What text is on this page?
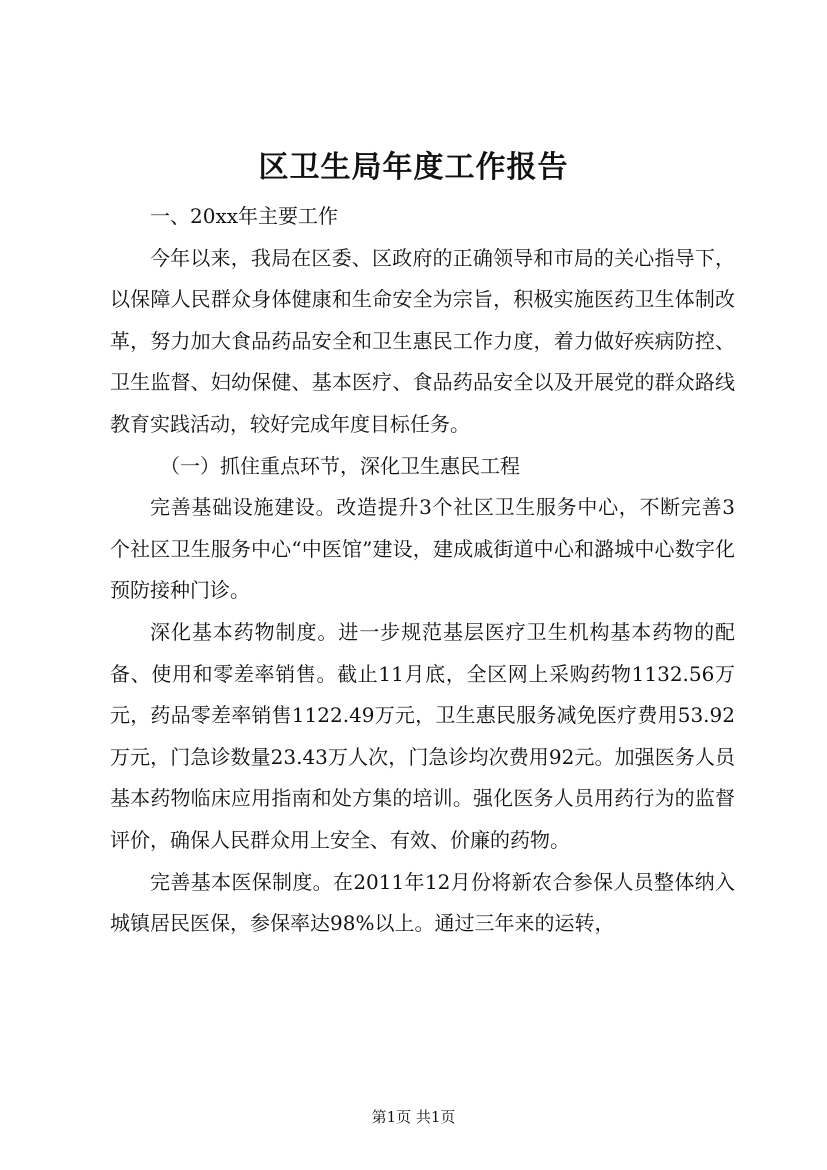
区卫生局年度工作报告

一、20xx年主要工作

今年以来，我局在区委、区政府的正确领导和市局的关心指导下，以保障人民群众身体健康和生命安全为宗旨，积极实施医药卫生体制改革，努力加大食品药品安全和卫生惠民工作力度，着力做好疾病防控、卫生监督、妇幼保健、基本医疗、食品药品安全以及开展党的群众路线教育实践活动，较好完成年度目标任务。

（一）抓住重点环节，深化卫生惠民工程

完善基础设施建设。改造提升3个社区卫生服务中心，不断完善3个社区卫生服务中心“中医馆”建设，建成戚街道中心和潞城中心数字化预防接种门诊。

深化基本药物制度。进一步规范基层医疗卫生机构基本药物的配备、使用和零差率销售。截止11月底，全区网上采购药物1132.56万元，药品零差率销售1122.49万元，卫生惠民服务减免医疗费用53.92万元，门急诊数量23.43万人次，门急诊均次费用92元。加强医务人员基本药物临床应用指南和处方集的培训。强化医务人员用药行为的监督评价，确保人民群众用上安全、有效、价廉的药物。

完善基本医保制度。在2011年12月份将新农合参保人员整体纳入城镇居民医保，参保率达98%以上。通过三年来的运转，

第1页 共1页
